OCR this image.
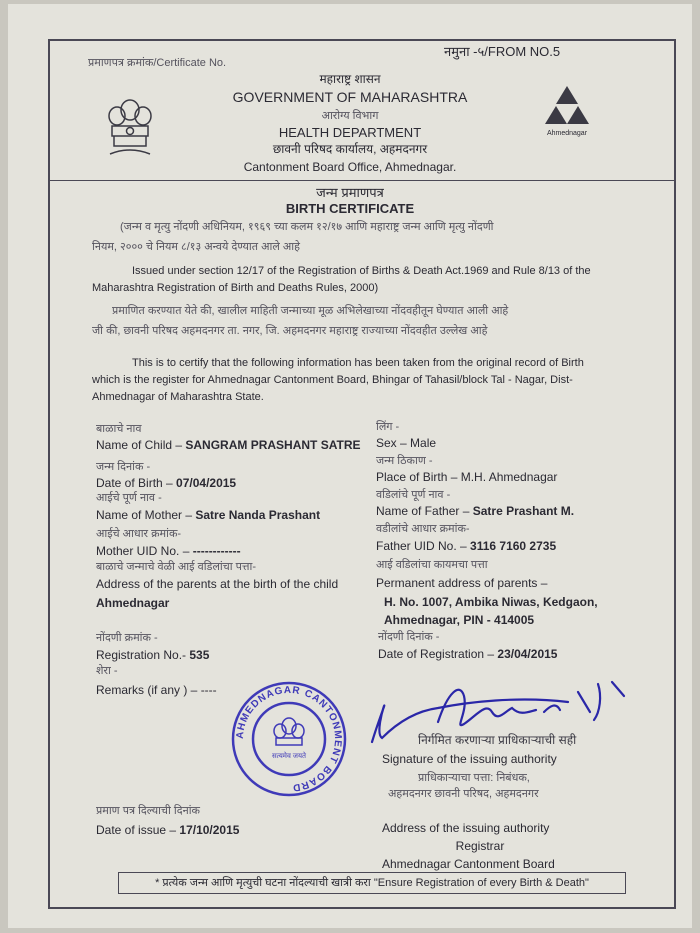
प्रमाणपत्र क्रमांक/Certificate No.
नमुना -५/FROM NO.5
महाराष्ट्र शासन
GOVERNMENT OF MAHARASHTRA
आरोग्य विभाग
HEALTH DEPARTMENT
छावनी परिषद कार्यालय, अहमदनगर
Cantonment Board Office, Ahmednagar.
Ahmednagar
जन्म प्रमाणपत्र
BIRTH CERTIFICATE
(जन्म व मृत्यु नोंदणी अधिनियम, १९६९ च्या कलम १२/१७ आणि महाराष्ट्र जन्म आणि मृत्यु नोंदणी
नियम, २००० चे नियम ८/१३ अन्वये देण्यात आले आहे
Issued under section 12/17 of the Registration of Births & Death Act.1969 and Rule 8/13 of the
Maharashtra Registration of Birth and Deaths Rules, 2000)
प्रमाणित करण्यात येते की, खालील माहिती जन्माच्या मूळ अभिलेखाच्या नोंदवहीतून घेण्यात आली आहे
जी की, छावनी परिषद अहमदनगर ता. नगर, जि. अहमदनगर महाराष्ट्र राज्याच्या नोंदवहीत उल्लेख आहे
This is to certify that the following information has been taken from the original record of Birth
which is the register for Ahmednagar Cantonment Board, Bhingar of Tahasil/block Tal - Nagar, Dist-
Ahmednagar of Maharashtra State.
बाळाचे नाव
Name of Child – SANGRAM PRASHANT SATRE
जन्म दिनांक -
Date of Birth – 07/04/2015
आईचे पूर्ण नाव -
Name of Mother – Satre Nanda Prashant
आईचे आधार क्रमांक-
Mother UID No. – ------------
बाळाचे जन्माचे वेळी आई वडिलांचा पत्ता-
Address of the parents at the birth of the child
Ahmednagar
नोंदणी क्रमांक -
Registration No.- 535
शेरा -
Remarks (if any ) – ----
लिंग -
Sex – Male
जन्म ठिकाण -
Place of Birth – M.H. Ahmednagar
वडिलांचे पूर्ण नाव -
Name of Father – Satre Prashant M.
वडीलांचे आधार क्रमांक-
Father UID No. – 3116 7160 2735
आई वडिलांचा कायमचा पत्ता
Permanent address of parents –
H. No. 1007, Ambika Niwas, Kedgaon,
Ahmednagar, PIN - 414005
नोंदणी दिनांक -
Date of Registration – 23/04/2015
AHMEDNAGAR CANTONMENT BOARD
सत्यमेव जयते
निर्गमित करणाऱ्या प्राधिकाऱ्याची सही
Signature of the issuing authority
प्राधिकाऱ्याचा पत्ता: निबंधक,
अहमदनगर छावनी परिषद, अहमदनगर
प्रमाण पत्र दिल्याची दिनांक
Date of issue – 17/10/2015	Address of the issuing authority
Registrar
Ahmednagar Cantonment Board
* प्रत्येक जन्म आणि मृत्युची घटना नोंदल्याची खात्री करा "Ensure Registration of every Birth & Death"
